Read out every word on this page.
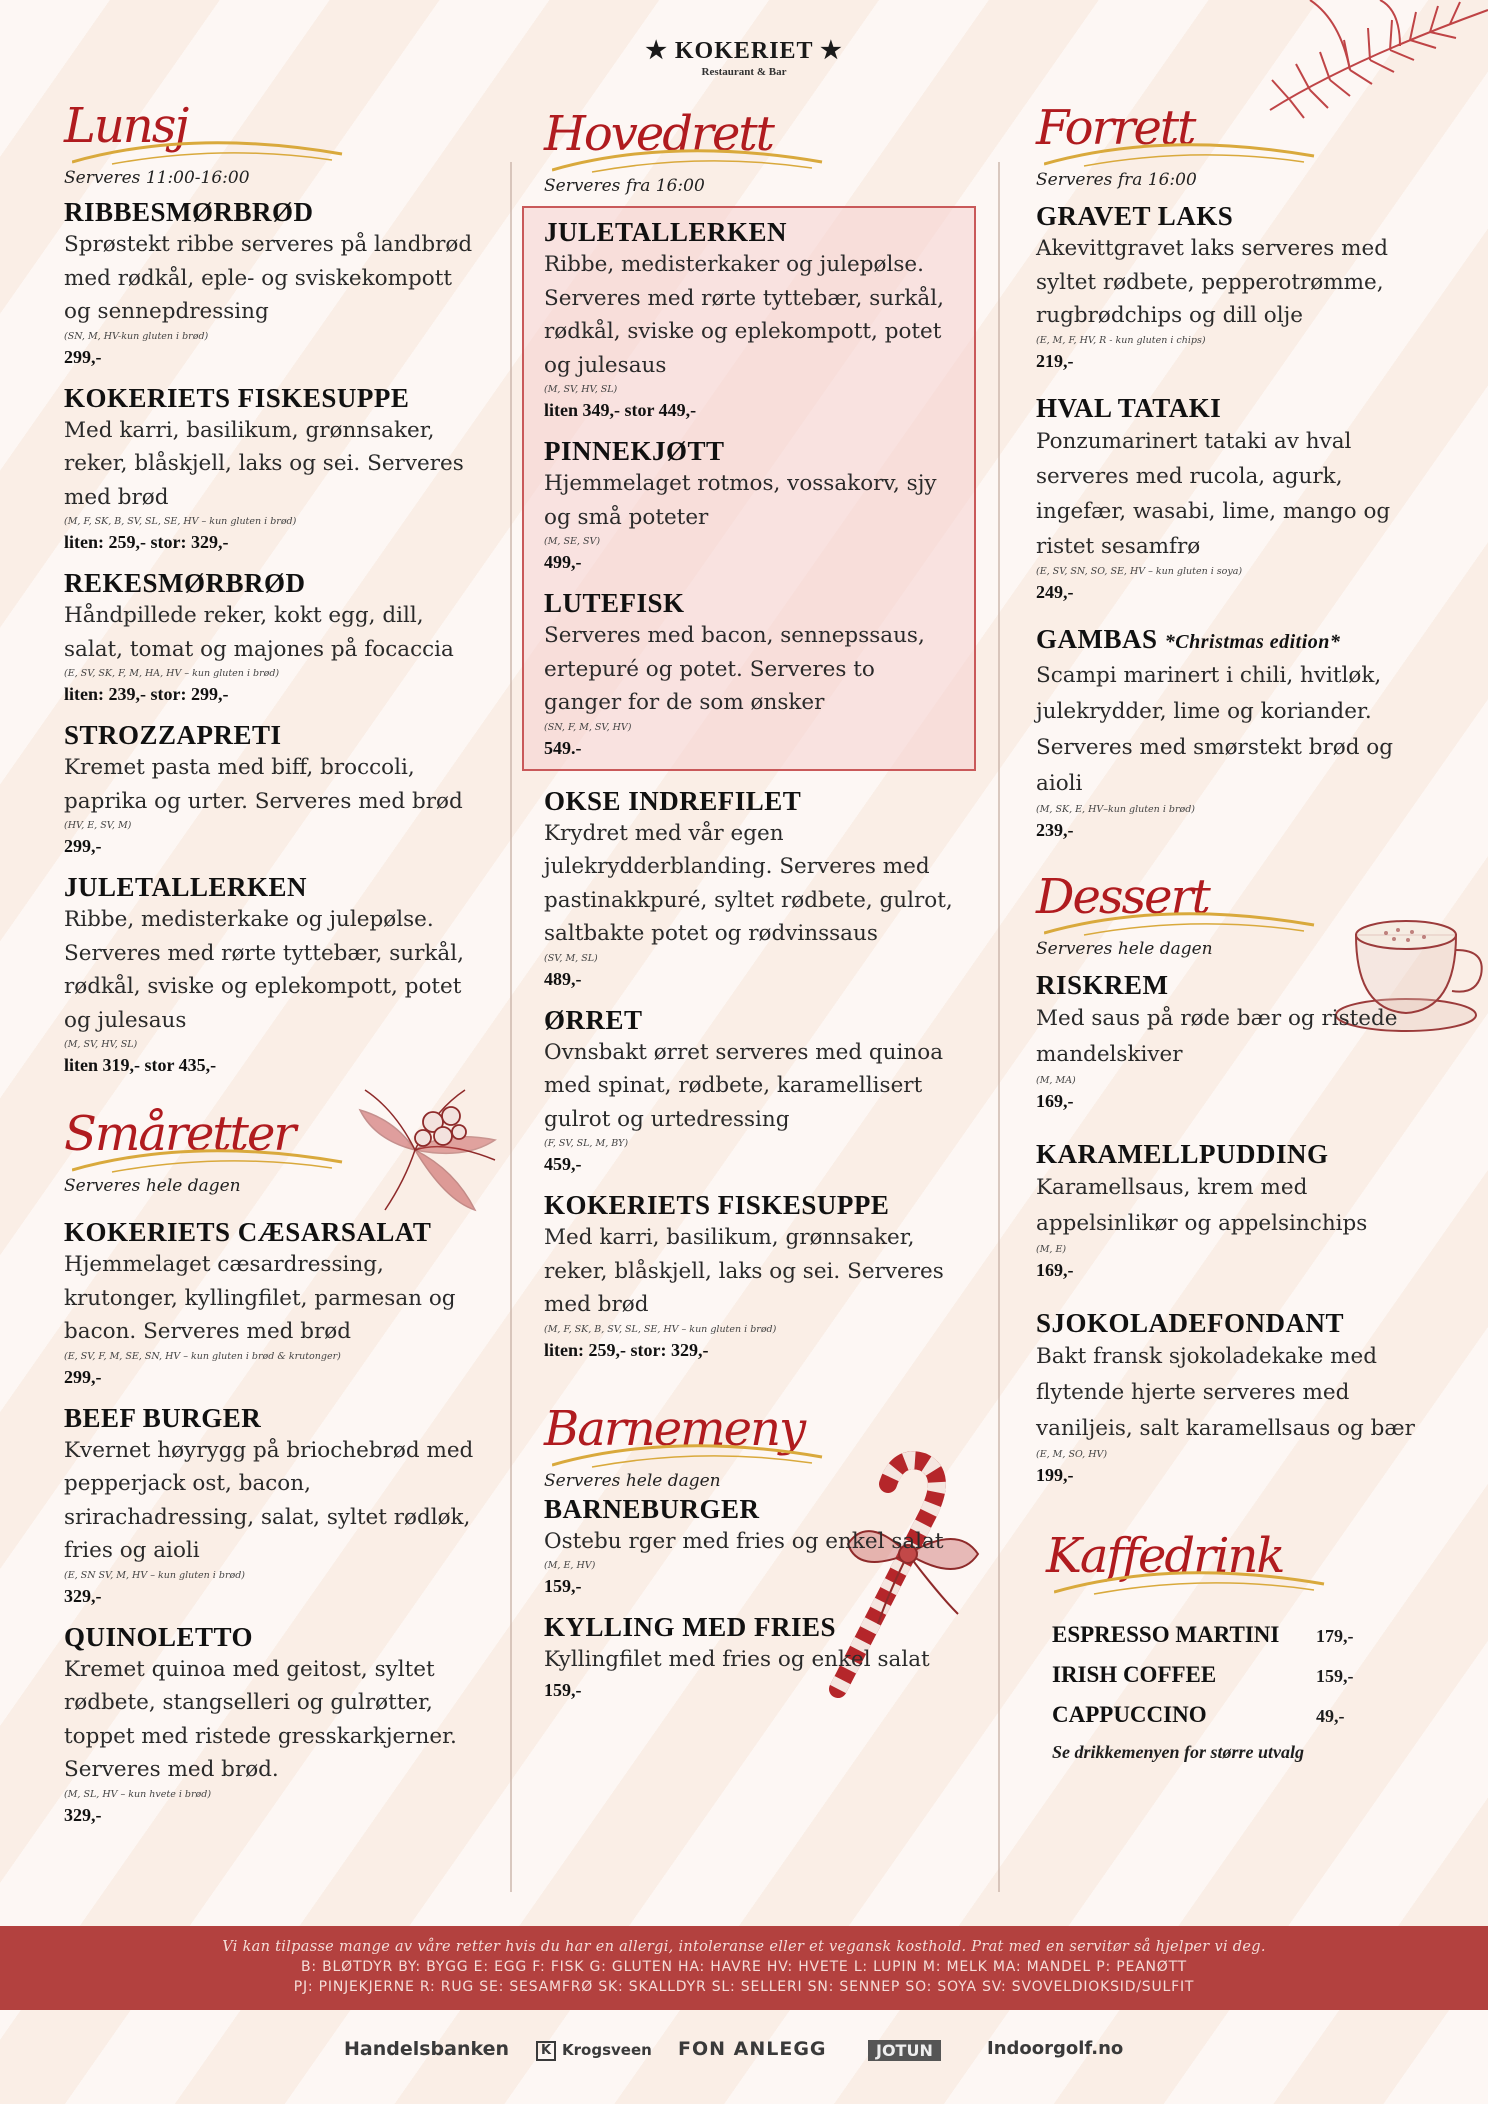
★ KOKERIET ★
Restaurant & Bar
Lunsj
Serveres 11:00-16:00
RIBBESMØRBRØD
Sprøstekt ribbe serveres på landbrød med rødkål, eple- og sviskekompott og sennepdressing
(SN, M, HV-kun gluten i brød)
299,-
KOKERIETS FISKESUPPE
Med karri, basilikum, grønnsaker, reker, blåskjell, laks og sei. Serveres med brød
(M, F, SK, B, SV, SL, SE, HV – kun gluten i brød)
liten: 259,- stor: 329,-
REKESMØRBRØD
Håndpillede reker, kokt egg, dill, salat, tomat og majones på focaccia
(E, SV, SK, F, M, HA, HV – kun gluten i brød)
liten: 239,- stor: 299,-
STROZZAPRETI
Kremet pasta med biff, broccoli, paprika og urter. Serveres med brød
(HV, E, SV, M)
299,-
JULETALLERKEN
Ribbe, medisterkake og julepølse. Serveres med rørte tyttebær, surkål, rødkål, sviske og eplekompott, potet og julesaus
(M, SV, HV, SL)
liten 319,- stor 435,-
Småretter
Serveres hele dagen
KOKERIETS CÆSARSALAT
Hjemmelaget cæsardressing, krutonger, kyllingfilet, parmesan og bacon. Serveres med brød
(E, SV, F, M, SE, SN, HV – kun gluten i brød & krutonger)
299,-
BEEF BURGER
Kvernet høyrygg på briochebrød med pepperjack ost, bacon, srirachadressing, salat, syltet rødløk, fries og aioli
(E, SN SV, M, HV – kun gluten i brød)
329,-
QUINOLETTO
Kremet quinoa med geitost, syltet rødbete, stangselleri og gulrøtter, toppet med ristede gresskarkjerner. Serveres med brød.
(M, SL, HV – kun hvete i brød)
329,-
Hovedrett
Serveres fra 16:00
JULETALLERKEN
Ribbe, medisterkaker og julepølse. Serveres med rørte tyttebær, surkål, rødkål, sviske og eplekompott, potet og julesaus
(M, SV, HV, SL)
liten 349,- stor 449,-
PINNEKJØTT
Hjemmelaget rotmos, vossakorv, sjy og små poteter
(M, SE, SV)
499,-
LUTEFISK
Serveres med bacon, sennepssaus, ertepuré og potet. Serveres to ganger for de som ønsker
(SN, F, M, SV, HV)
549.-
OKSE INDREFILET
Krydret med vår egen julekrydderblanding. Serveres med pastinakkpuré, syltet rødbete, gulrot, saltbakte potet og rødvinssaus
(SV, M, SL)
489,-
ØRRET
Ovnsbakt ørret serveres med quinoa med spinat, rødbete, karamellisert gulrot og urtedressing
(F, SV, SL, M, BY)
459,-
KOKERIETS FISKESUPPE
Med karri, basilikum, grønnsaker, reker, blåskjell, laks og sei. Serveres med brød
(M, F, SK, B, SV, SL, SE, HV – kun gluten i brød)
liten: 259,- stor: 329,-
Barnemeny
Serveres hele dagen
BARNEBURGER
Ostebu rger med fries og enkel salat
(M, E, HV)
159,-
KYLLING MED FRIES
Kyllingfilet med fries og enkel salat
159,-
Forrett
Serveres fra 16:00
GRAVET LAKS
Akevittgravet laks serveres med syltet rødbete, pepperotrømme, rugbrødchips og dill olje
(E, M, F, HV, R - kun gluten i chips)
219,-
HVAL TATAKI
Ponzumarinert tataki av hval serveres med rucola, agurk, ingefær, wasabi, lime, mango og ristet sesamfrø
(E, SV, SN, SO, SE, HV – kun gluten i soya)
249,-
GAMBAS *Christmas edition*
Scampi marinert i chili, hvitløk, julekrydder, lime og koriander. Serveres med smørstekt brød og aioli
(M, SK, E, HV–kun gluten i brød)
239,-
Dessert
Serveres hele dagen
RISKREM
Med saus på røde bær og ristede mandelskiver
(M, MA)
169,-
KARAMELLPUDDING
Karamellsaus, krem med appelsinlikør og appelsinchips
(M, E)
169,-
SJOKOLADEFONDANT
Bakt fransk sjokoladekake med flytende hjerte serveres med vaniljeis, salt karamellsaus og bær
(E, M, SO, HV)
199,-
Kaffedrink
ESPRESSO MARTINI	179,-
IRISH COFFEE	159,-
CAPPUCCINO	49,-
Se drikkemenyen for større utvalg
Vi kan tilpasse mange av våre retter hvis du har en allergi, intoleranse eller et vegansk kosthold. Prat med en servitør så hjelper vi deg.
B: BLØTDYR BY: BYGG E: EGG F: FISK G: GLUTEN HA: HAVRE HV: HVETE L: LUPIN M: MELK MA: MANDEL P: PEANØTT
PJ: PINJEKJERNE R: RUG SE: SESAMFRØ SK: SKALLDYR SL: SELLERI SN: SENNEP SO: SOYA SV: SVOVELDIOKSID/SULFIT
Handelsbanken	K Krogsveen FON ANLEGG	JOTUN	Indoorgolf.no
